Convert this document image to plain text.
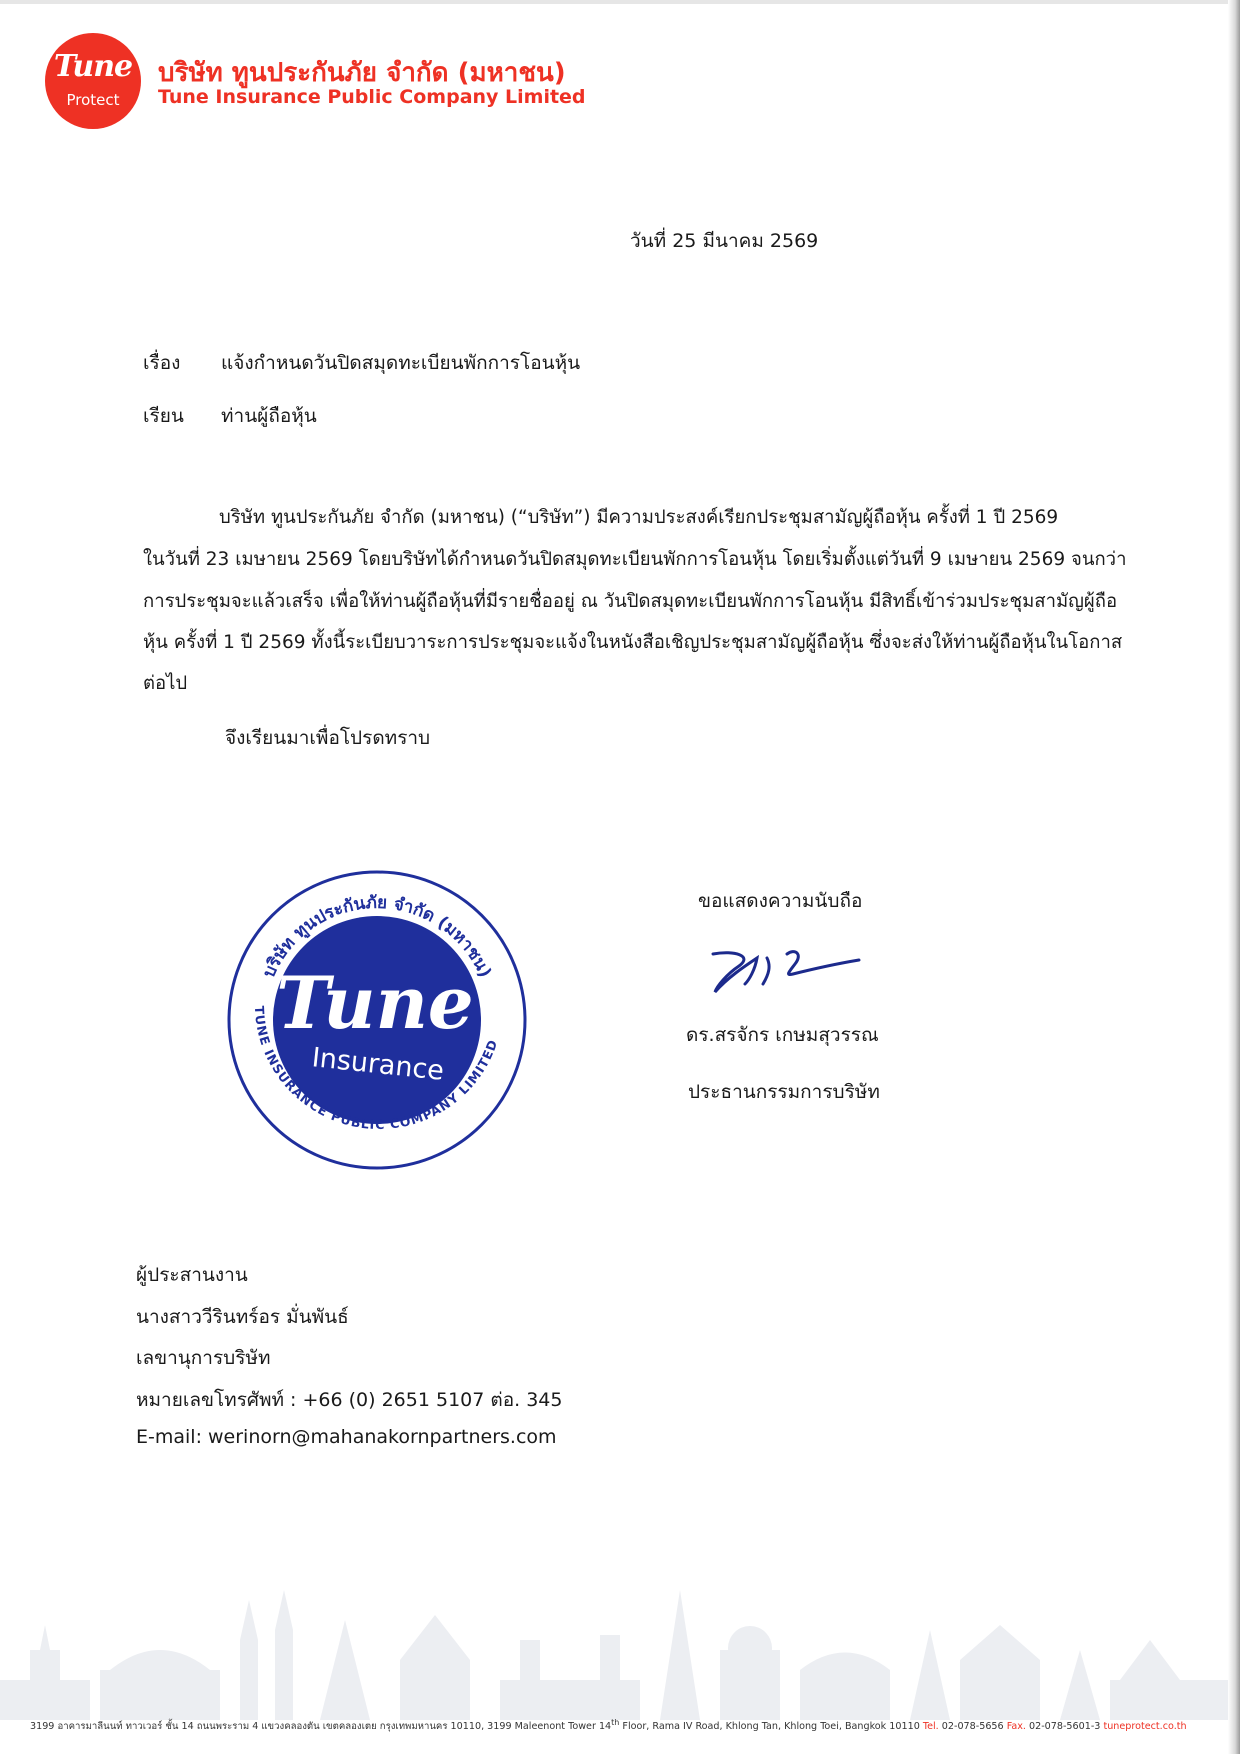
Tune
Protect
บริษัท ทูนประกันภัย จำกัด (มหาชน)
Tune Insurance Public Company Limited
วันที่ 25 มีนาคม 2569
เรื่อง แจ้งกำหนดวันปิดสมุดทะเบียนพักการโอนหุ้น
เรียน ท่านผู้ถือหุ้น
บริษัท ทูนประกันภัย จำกัด (มหาชน) (“บริษัท”) มีความประสงค์เรียกประชุมสามัญผู้ถือหุ้น ครั้งที่ 1 ปี 2569
ในวันที่ 23 เมษายน 2569 โดยบริษัทได้กำหนดวันปิดสมุดทะเบียนพักการโอนหุ้น โดยเริ่มตั้งแต่วันที่ 9 เมษายน 2569 จนกว่า
การประชุมจะแล้วเสร็จ เพื่อให้ท่านผู้ถือหุ้นที่มีรายชื่ออยู่ ณ วันปิดสมุดทะเบียนพักการโอนหุ้น มีสิทธิ์เข้าร่วมประชุมสามัญผู้ถือ
หุ้น ครั้งที่ 1 ปี 2569 ทั้งนี้ระเบียบวาระการประชุมจะแจ้งในหนังสือเชิญประชุมสามัญผู้ถือหุ้น ซึ่งจะส่งให้ท่านผู้ถือหุ้นในโอกาส
ต่อไป
จึงเรียนมาเพื่อโปรดทราบ
บริษัท ทูนประกันภัย จำกัด (มหาชน)
TUNE INSURANCE PUBLIC COMPANY LIMITED
Tune
Insurance
ขอแสดงความนับถือ
ดร.สรจักร เกษมสุวรรณ
ประธานกรรมการบริษัท
ผู้ประสานงาน
นางสาววีรินทร์อร มั่นพันธ์
เลขานุการบริษัท
หมายเลขโทรศัพท์ : +66 (0) 2651 5107 ต่อ. 345
E-mail: werinorn@mahanakornpartners.com
3199 อาคารมาลีนนท์ ทาวเวอร์ ชั้น 14 ถนนพระราม 4 แขวงคลองตัน เขตคลองเตย กรุงเทพมหานคร 10110, 3199 Maleenont Tower 14th Floor, Rama IV Road, Khlong Tan, Khlong Toei, Bangkok 10110 Tel. 02-078-5656 Fax. 02-078-5601-3 tuneprotect.co.th
